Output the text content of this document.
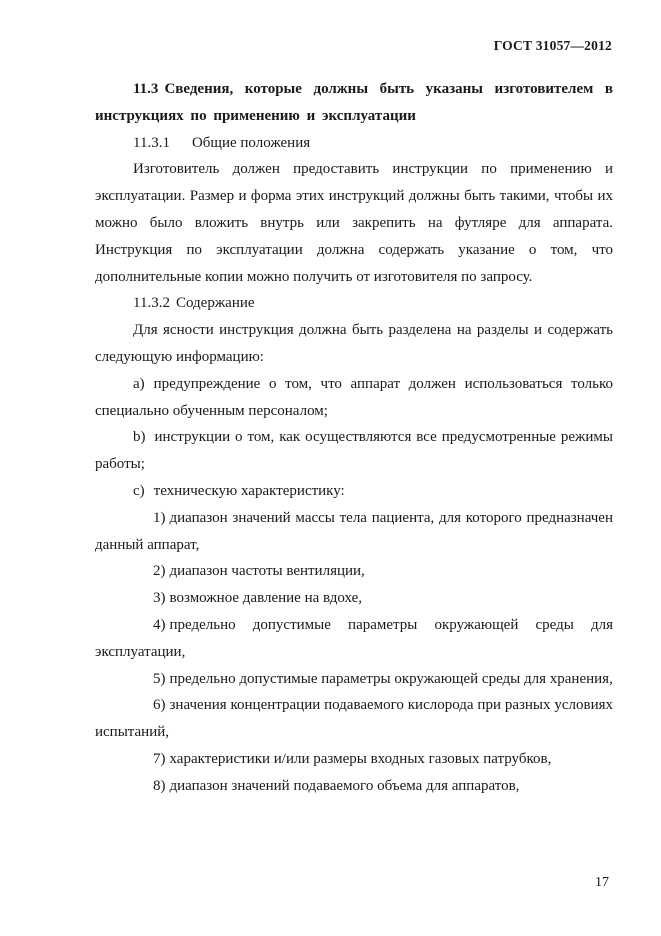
ГОСТ 31057—2012

11.3 Сведения, которые должны быть указаны изготовителем в инструкциях по применению и эксплуатации

11.3.1 Общие положения

Изготовитель должен предоставить инструкции по применению и эксплуатации. Размер и форма этих инструкций должны быть такими, чтобы их можно было вложить внутрь или закрепить на футляре для аппарата. Инструкция по эксплуатации должна содержать указание о том, что дополнительные копии можно получить от изготовителя по запросу.

11.3.2 Содержание

Для ясности инструкция должна быть разделена на разделы и содержать следующую информацию:

a) предупреждение о том, что аппарат должен использоваться только специально обученным персоналом;

b) инструкции о том, как осуществляются все предусмотренные режимы работы;

c) техническую характеристику:

1) диапазон значений массы тела пациента, для которого предназначен данный аппарат,

2) диапазон частоты вентиляции,

3) возможное давление на вдохе,

4) предельно допустимые параметры окружающей среды для эксплуатации,

5) предельно допустимые параметры окружающей среды для хранения,

6) значения концентрации подаваемого кислорода при разных условиях испытаний,

7) характеристики и/или размеры входных газовых патрубков,

8) диапазон значений подаваемого объема для аппаратов,

17
